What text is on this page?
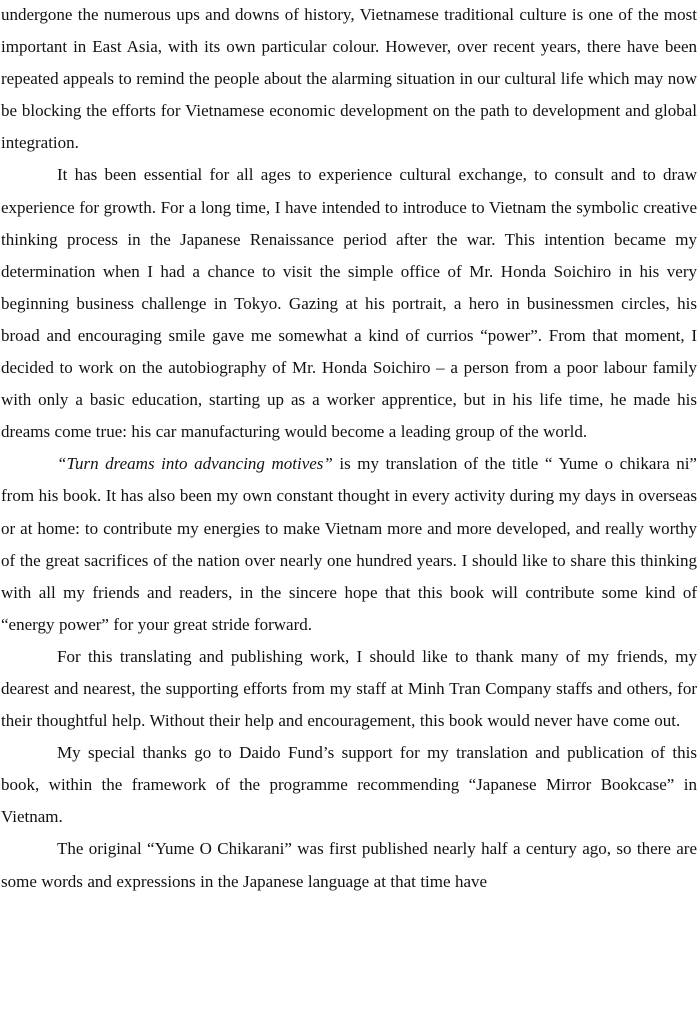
undergone the numerous ups and downs of history, Vietnamese traditional culture is one of the most important in East Asia, with its own particular colour. However, over recent years, there have been repeated appeals to remind the people about the alarming situation in our cultural life which may now be blocking the efforts for Vietnamese economic development on the path to development and global integration.

It has been essential for all ages to experience cultural exchange, to consult and to draw experience for growth. For a long time, I have intended to introduce to Vietnam the symbolic creative thinking process in the Japanese Renaissance period after the war. This intention became my determination when I had a chance to visit the simple office of Mr. Honda Soichiro in his very beginning business challenge in Tokyo. Gazing at his portrait, a hero in businessmen circles, his broad and encouraging smile gave me somewhat a kind of currios “power”. From that moment, I decided to work on the autobiography of Mr. Honda Soichiro – a person from a poor labour family with only a basic education, starting up as a worker apprentice, but in his life time, he made his dreams come true: his car manufacturing would become a leading group of the world.

“Turn dreams into advancing motives” is my translation of the title “ Yume o chikara ni” from his book. It has also been my own constant thought in every activity during my days in overseas or at home: to contribute my energies to make Vietnam more and more developed, and really worthy of the great sacrifices of the nation over nearly one hundred years. I should like to share this thinking with all my friends and readers, in the sincere hope that this book will contribute some kind of “energy power” for your great stride forward.

For this translating and publishing work, I should like to thank many of my friends, my dearest and nearest, the supporting efforts from my staff at Minh Tran Company staffs and others, for their thoughtful help. Without their help and encouragement, this book would never have come out.

My special thanks go to Daido Fund’s support for my translation and publication of this book, within the framework of the programme recommending “Japanese Mirror Bookcase” in Vietnam.

The original “Yume O Chikarani” was first published nearly half a century ago, so there are some words and expressions in the Japanese language at that time have
